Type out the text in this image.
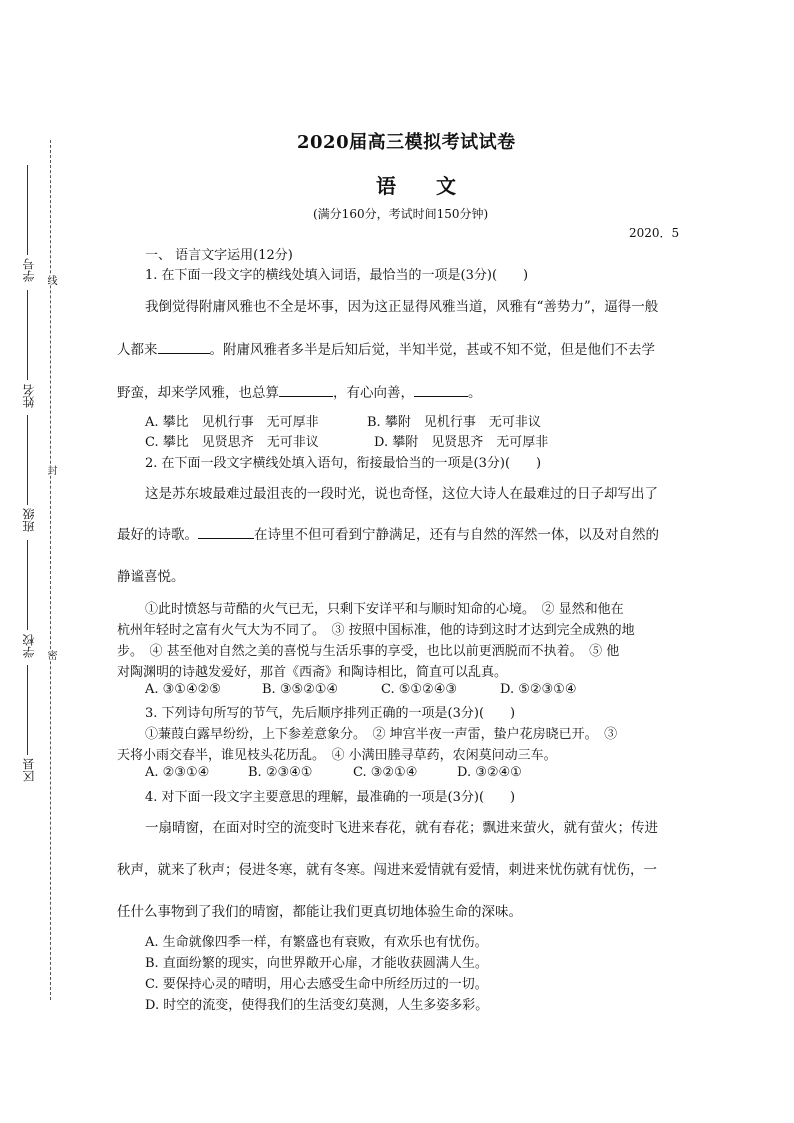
线
封
密
学号
姓名
班级
学校
区县
2020届高三模拟考试试卷
语文
(满分160分，考试时间150分钟)
2020．5
一、 语言文字运用(12分)
1. 在下面一段文字的横线处填入词语，最恰当的一项是(3分)(　　)
我倒觉得附庸风雅也不全是坏事，因为这正显得风雅当道，风雅有“善势力”，逼得一般
人都来	。附庸风雅者多半是后知后觉，半知半觉，甚或不知不觉，但是他们不去学
野蛮，却来学风雅，也总算	，有心向善，	。
A. 攀比　见机行事　无可厚非	B. 攀附　见机行事　无可非议
C. 攀比　见贤思齐　无可非议	D. 攀附　见贤思齐　无可厚非
2. 在下面一段文字横线处填入语句，衔接最恰当的一项是(3分)(　　)
这是苏东坡最难过最沮丧的一段时光，说也奇怪，这位大诗人在最难过的日子却写出了
最好的诗歌。	在诗里不但可看到宁静满足，还有与自然的浑然一体，以及对自然的
静谧喜悦。
①此时愤怒与苛酷的火气已无，只剩下安详平和与顺时知命的心境。　② 显然和他在
杭州年轻时之富有火气大为不同了。　③ 按照中国标准，他的诗到这时才达到完全成熟的地
步。　④ 甚至他对自然之美的喜悦与生活乐事的享受，也比以前更洒脱而不执着。　⑤ 他
对陶渊明的诗越发爱好，那首《西斋》和陶诗相比，简直可以乱真。
A. ③①④②⑤	B. ③⑤②①④	C. ⑤①②④③	D. ⑤②③①④
3. 下列诗句所写的节气，先后顺序排列正确的一项是(3分)(　　)
①蒹葭白露早纷纷，上下参差意象分。　② 坤宫半夜一声雷，蛰户花房晓已开。　③
天将小雨交春半，谁见枝头花历乱。　④ 小满田塍寻草药，农闲莫问动三车。
A. ②③①④	B. ②③④①	C. ③②①④	D. ③②④①
4. 对下面一段文字主要意思的理解，最准确的一项是(3分)(　　)
一扇晴窗，在面对时空的流变时飞进来春花，就有春花；飘进来萤火，就有萤火；传进
秋声，就来了秋声；侵进冬寒，就有冬寒。闯进来爱情就有爱情，刺进来忧伤就有忧伤，一
任什么事物到了我们的晴窗，都能让我们更真切地体验生命的深味。
A. 生命就像四季一样，有繁盛也有衰败，有欢乐也有忧伤。
B. 直面纷繁的现实，向世界敞开心扉，才能收获圆满人生。
C. 要保持心灵的晴明，用心去感受生命中所经历过的一切。
D. 时空的流变，使得我们的生活变幻莫测，人生多姿多彩。
